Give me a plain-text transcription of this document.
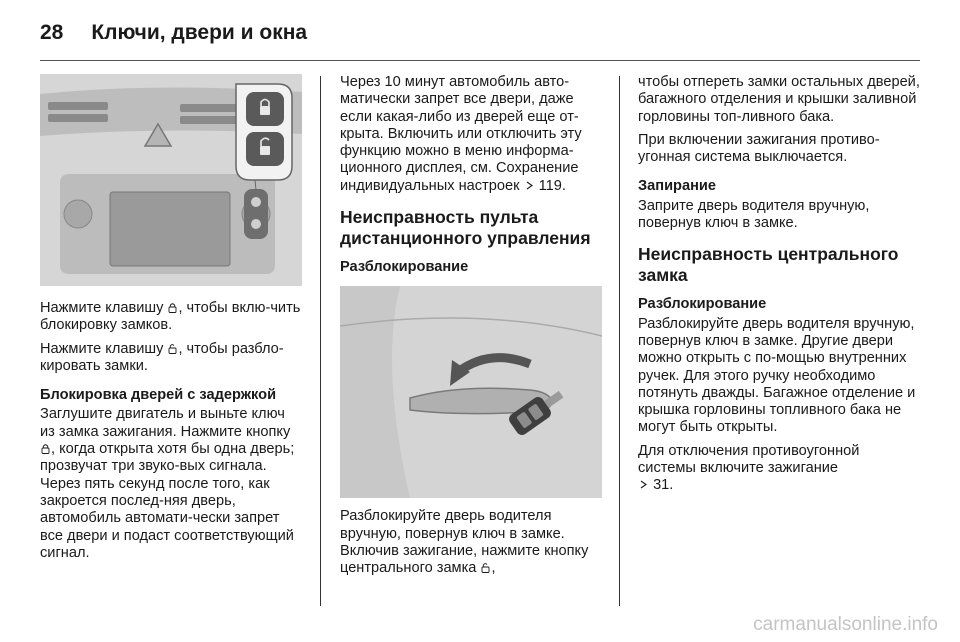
28 Ключи, двери и окна

Нажмите клавишу , чтобы вклю-чить блокировку замков.

Нажмите клавишу , чтобы разбло-кировать замки.

Блокировка дверей с задержкой

Заглушите двигатель и выньте ключ из замка зажигания. Нажмите кнопку , когда открыта хотя бы одна дверь; прозвучат три звуко-вых сигнала. Через пять секунд после того, как закроется послед-няя дверь, автомобиль автомати-чески запрет все двери и подаст соответствующий сигнал.

Через 10 минут автомобиль авто-матически запрет все двери, даже если какая-либо из дверей еще от-крыта. Включить или отключить эту функцию можно в меню информа-ционного дисплея, см. Сохранение индивидуальных настроек  119.

Неисправность пульта дистанционного управления

Разблокирование

Разблокируйте дверь водителя вручную, повернув ключ в замке. Включив зажигание, нажмите кнопку центрального замка ,

чтобы отпереть замки остальных дверей, багажного отделения и крышки заливной горловины топ-ливного бака.

При включении зажигания противо-угонная система выключается.

Запирание

Заприте дверь водителя вручную, повернув ключ в замке.

Неисправность центрального замка

Разблокирование

Разблокируйте дверь водителя вручную, повернув ключ в замке. Другие двери можно открыть с по-мощью внутренних ручек. Для этого ручку необходимо потянуть дважды. Багажное отделение и крышка горловины топливного бака не могут быть открыты.

Для отключения противоугонной системы включите зажигание
31.

carmanualsonline.info
